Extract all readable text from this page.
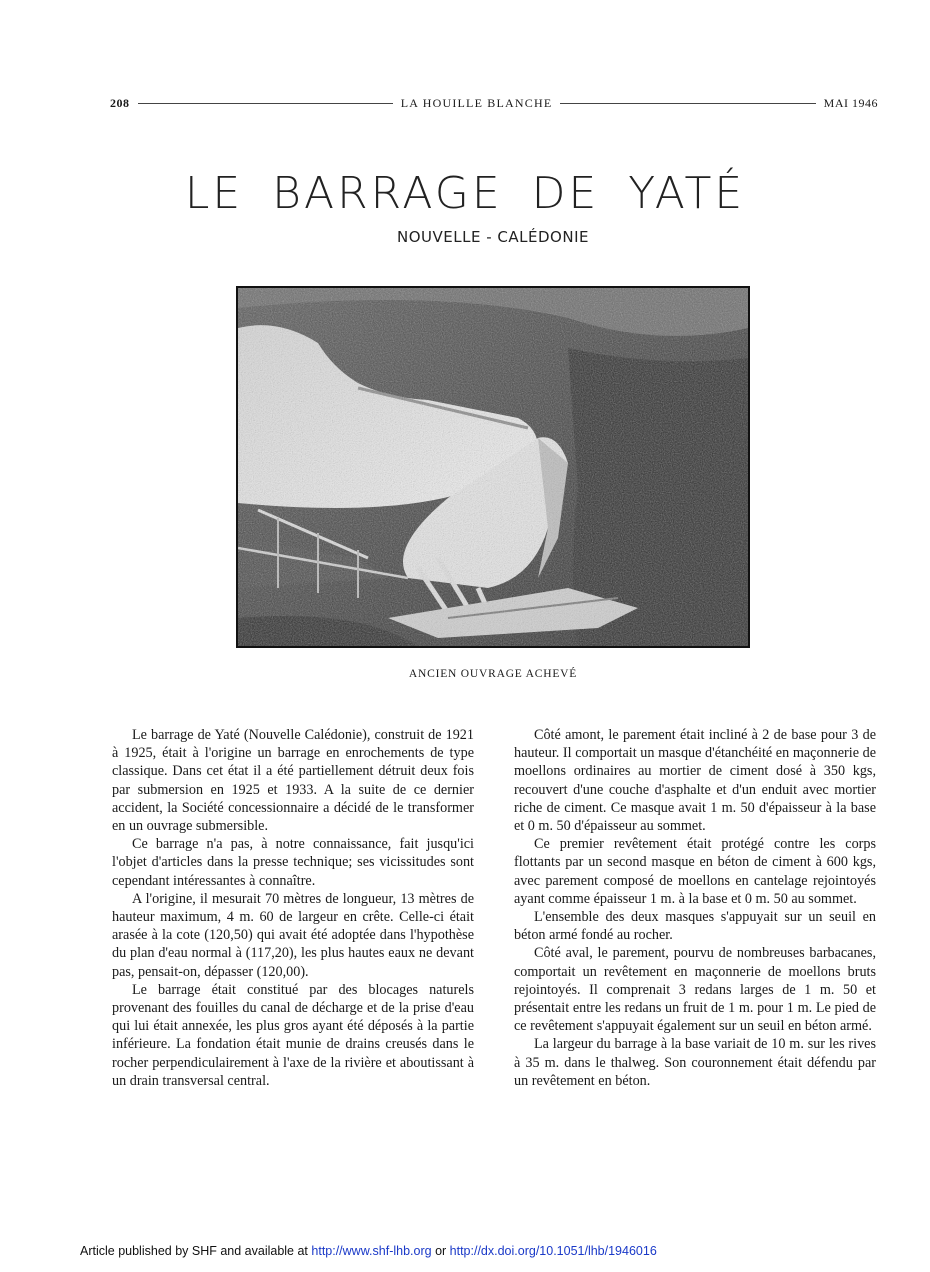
208	LA HOUILLE BLANCHE	MAI 1946
LE BARRAGE DE YATÉ
NOUVELLE - CALÉDONIE
ANCIEN OUVRAGE ACHEVÉ

Le barrage de Yaté (Nouvelle Calédonie), construit de 1921 à 1925, était à l'origine un barrage en enrochements de type classique. Dans cet état il a été partiellement détruit deux fois par submersion en 1925 et 1933. A la suite de ce dernier accident, la Société concessionnaire a décidé de le transformer en un ouvrage submersible.

Ce barrage n'a pas, à notre connaissance, fait jusqu'ici l'objet d'articles dans la presse technique; ses vicissitudes sont cependant intéressantes à connaître.

A l'origine, il mesurait 70 mètres de longueur, 13 mètres de hauteur maximum, 4 m. 60 de largeur en crête. Celle-ci était arasée à la cote (120,50) qui avait été adoptée dans l'hypothèse du plan d'eau normal à (117,20), les plus hautes eaux ne devant pas, pensait-on, dépasser (120,00).

Le barrage était constitué par des blocages naturels provenant des fouilles du canal de décharge et de la prise d'eau qui lui était annexée, les plus gros ayant été déposés à la partie inférieure. La fondation était munie de drains creusés dans le rocher perpendiculairement à l'axe de la rivière et aboutissant à un drain transversal central.

Côté amont, le parement était incliné à 2 de base pour 3 de hauteur. Il comportait un masque d'étanchéité en maçonnerie de moellons ordinaires au mortier de ciment dosé à 350 kgs, recouvert d'une couche d'asphalte et d'un enduit avec mortier riche de ciment. Ce masque avait 1 m. 50 d'épaisseur à la base et 0 m. 50 d'épaisseur au sommet.

Ce premier revêtement était protégé contre les corps flottants par un second masque en béton de ciment à 600 kgs, avec parement composé de moellons en cantelage rejointoyés ayant comme épaisseur 1 m. à la base et 0 m. 50 au sommet.

L'ensemble des deux masques s'appuyait sur un seuil en béton armé fondé au rocher.

Côté aval, le parement, pourvu de nombreuses barbacanes, comportait un revêtement en maçonnerie de moellons bruts rejointoyés. Il comprenait 3 redans larges de 1 m. 50 et présentait entre les redans un fruit de 1 m. pour 1 m. Le pied de ce revêtement s'appuyait également sur un seuil en béton armé.

La largeur du barrage à la base variait de 10 m. sur les rives à 35 m. dans le thalweg. Son couronnement était défendu par un revêtement en béton.

Article published by SHF and available at http://www.shf-lhb.org or http://dx.doi.org/10.1051/lhb/1946016
